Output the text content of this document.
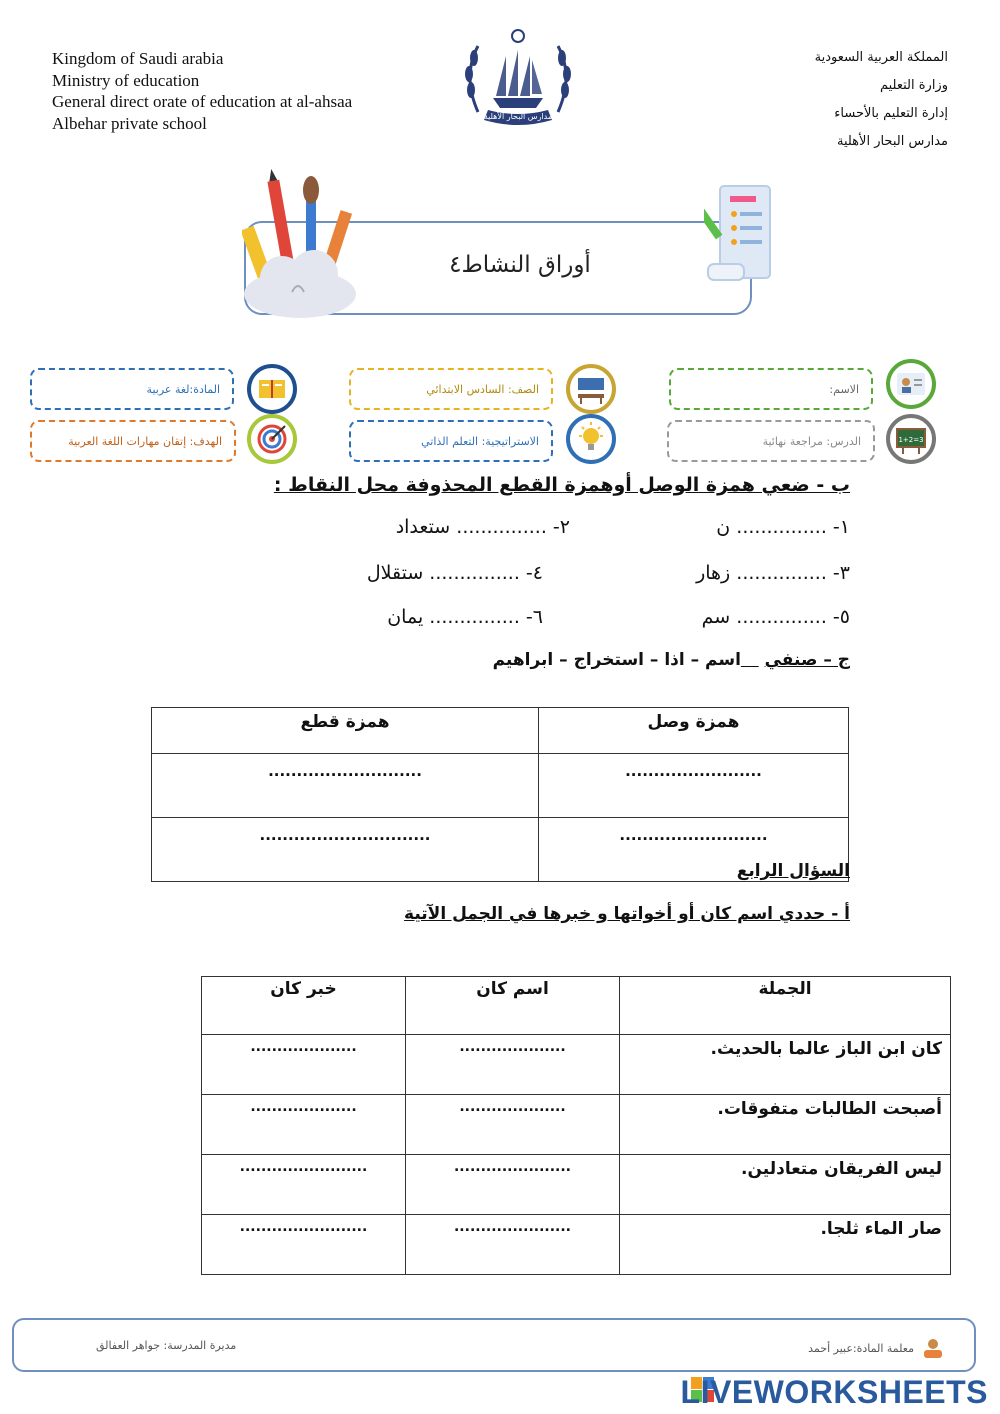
Kingdom of Saudi arabia
Ministry of education
General direct orate of education at al-ahsaa
Albehar private school
المملكة العربية السعودية
وزارة التعليم
إدارة التعليم بالأحساء
مدارس البحار الأهلية
مدارس البحار الأهلية
أوراق النشاط٤
الاسم:
الصف: السادس الابتدائي
المادة:لغة عربية
الدرس: مراجعة نهائية	1+2=3
الاستراتيجية: التعلم الذاتي
الهدف: إتقان مهارات اللغة العربية
ب - ضعي همزة الوصل أوهمزة القطع المحذوفة محل النقاط :
١- ............... ن
٢- ............... ستعداد
٣- ............... زهار
٤- ............... ستقلال
٥- ............... سم
٦- ............... يمان
ج – صنفي    اسم – اذا – استخراج – ابراهيم
همزة قطع	همزة وصل
...........................	........................
..............................	..........................
السؤال الرابع
أ - حددي اسم كان أو أخواتها و خبرها في الجمل الآتية
الجملة	اسم كان	خبر كان
كان ابن الباز عالما بالحديث.	....................	....................
أصبحت الطالبات متفوقات.	....................	....................
ليس الفريقان متعادلين.	......................	........................
صار الماء ثلجا.	......................	........................
معلمة المادة:عبير أحمد
مديرة المدرسة: جواهر العفالق
LIVEWORKSHEETS
